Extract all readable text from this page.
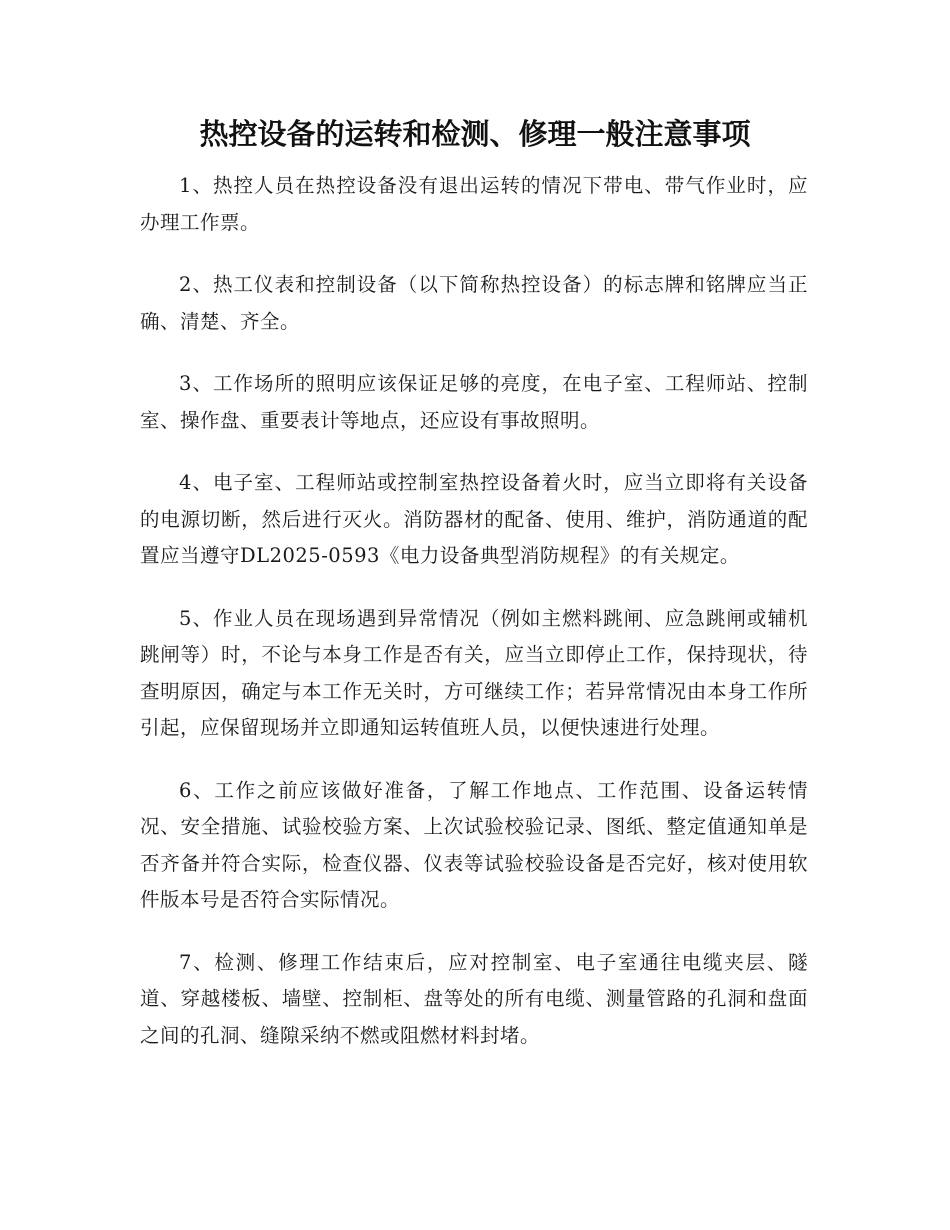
热控设备的运转和检测、修理一般注意事项

1、热控人员在热控设备没有退出运转的情况下带电、带气作业时，应办理工作票。

2、热工仪表和控制设备（以下简称热控设备）的标志牌和铭牌应当正确、清楚、齐全。

3、工作场所的照明应该保证足够的亮度，在电子室、工程师站、控制室、操作盘、重要表计等地点，还应设有事故照明。

4、电子室、工程师站或控制室热控设备着火时，应当立即将有关设备的电源切断，然后进行灭火。消防器材的配备、使用、维护，消防通道的配置应当遵守DL2025-0593《电力设备典型消防规程》的有关规定。

5、作业人员在现场遇到异常情况（例如主燃料跳闸、应急跳闸或辅机跳闸等）时，不论与本身工作是否有关，应当立即停止工作，保持现状，待查明原因，确定与本工作无关时，方可继续工作；若异常情况由本身工作所引起，应保留现场并立即通知运转值班人员，以便快速进行处理。

6、工作之前应该做好准备，了解工作地点、工作范围、设备运转情况、安全措施、试验校验方案、上次试验校验记录、图纸、整定值通知单是否齐备并符合实际，检查仪器、仪表等试验校验设备是否完好，核对使用软件版本号是否符合实际情况。

7、检测、修理工作结束后，应对控制室、电子室通往电缆夹层、隧道、穿越楼板、墙壁、控制柜、盘等处的所有电缆、测量管路的孔洞和盘面之间的孔洞、缝隙采纳不燃或阻燃材料封堵。
